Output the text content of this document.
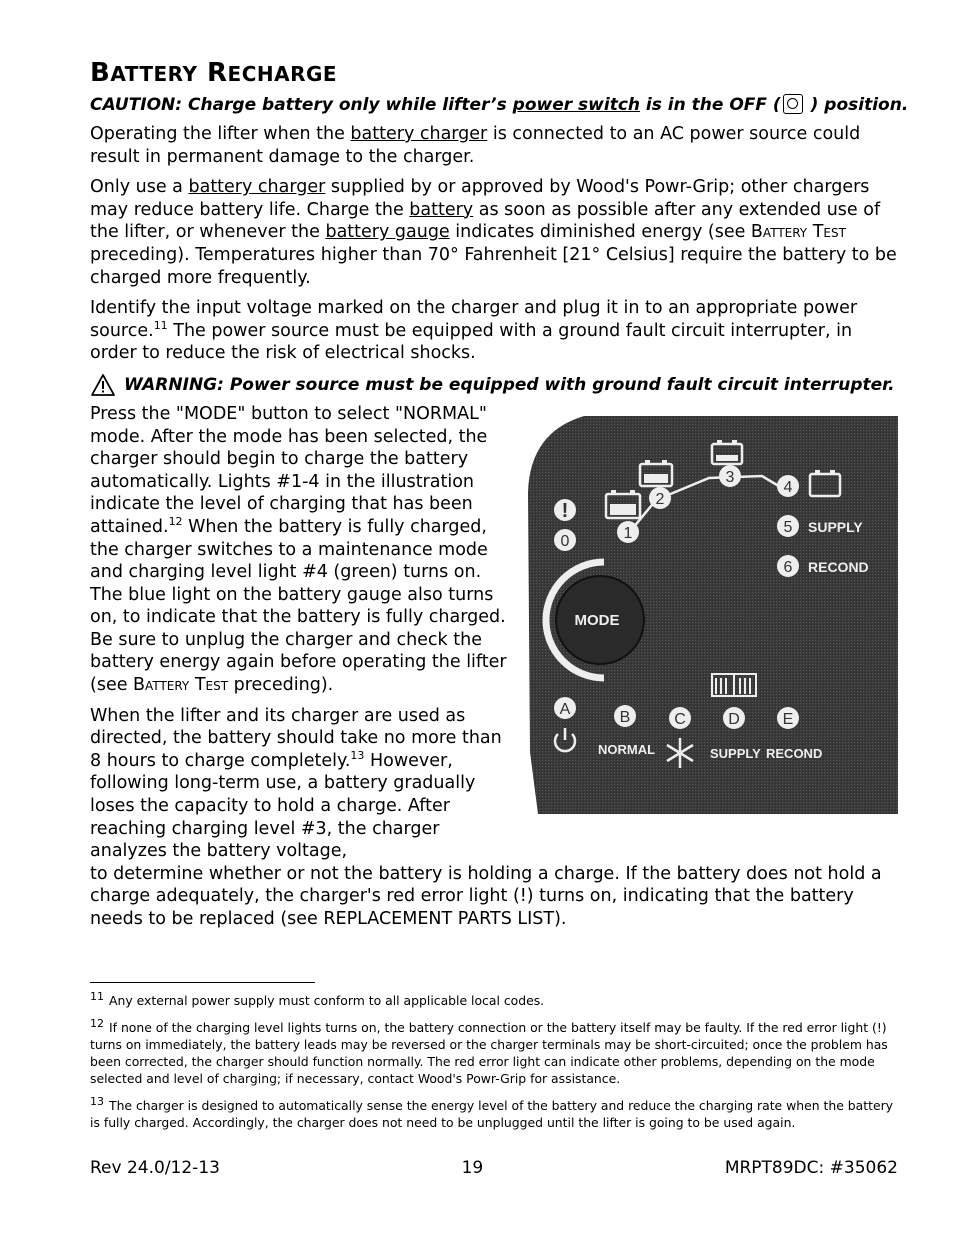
BATTERY RECHARGE
CAUTION: Charge battery only while lifter’s power switch is in the OFF ( ) position.

Operating the lifter when the battery charger is connected to an AC power source could result in permanent damage to the charger.

Only use a battery charger supplied by or approved by Wood's Powr-Grip; other chargers may reduce battery life. Charge the battery as soon as possible after any extended use of the lifter, or whenever the battery gauge indicates diminished energy (see Battery Test preceding). Temperatures higher than 70° Fahrenheit [21° Celsius] require the battery to be charged more frequently.

Identify the input voltage marked on the charger and plug it in to an appropriate power source.$^{11}$ The power source must be equipped with a ground fault circuit interrupter, in order to reduce the risk of electrical shocks.

WARNING: Power source must be equipped with ground fault circuit interrupter.

Press the "MODE" button to select "NORMAL" mode. After the mode has been selected, the charger should begin to charge the battery automatically. Lights #1-4 in the illustration indicate the level of charging that has been attained.$^{12}$ When the battery is fully charged, the charger switches to a maintenance mode and charging level light #4 (green) turns on. The blue light on the battery gauge also turns on, to indicate that the battery is fully charged. Be sure to unplug the charger and check the battery energy again before operating the lifter (see Battery Test preceding).

When the lifter and its charger are used as directed, the battery should take no more than 8 hours to charge completely.$^{13}$ However, following long-term use, a battery gradually loses the capacity to hold a charge. After reaching charging level #3, the charger analyzes the battery voltage,

to determine whether or not the battery is holding a charge. If the battery does not hold a charge adequately, the charger's red error light (!) turns on, indicating that the battery needs to be replaced (see REPLACEMENT PARTS LIST).

1
2
3
4
!
0
5 SUPPLY
6 RECOND
MODE
A	B	C	D	E
NORMAL	SUPPLY RECOND

$^{11}$ Any external power supply must conform to all applicable local codes.

$^{12}$ If none of the charging level lights turns on, the battery connection or the battery itself may be faulty. If the red error light (!) turns on immediately, the battery leads may be reversed or the charger terminals may be short-circuited; once the problem has been corrected, the charger should function normally. The red error light can indicate other problems, depending on the mode selected and level of charging; if necessary, contact Wood's Powr-Grip for assistance.

$^{13}$ The charger is designed to automatically sense the energy level of the battery and reduce the charging rate when the battery is fully charged. Accordingly, the charger does not need to be unplugged until the lifter is going to be used again.

Rev 24.0/12-13	19	MRPT89DC: #35062
